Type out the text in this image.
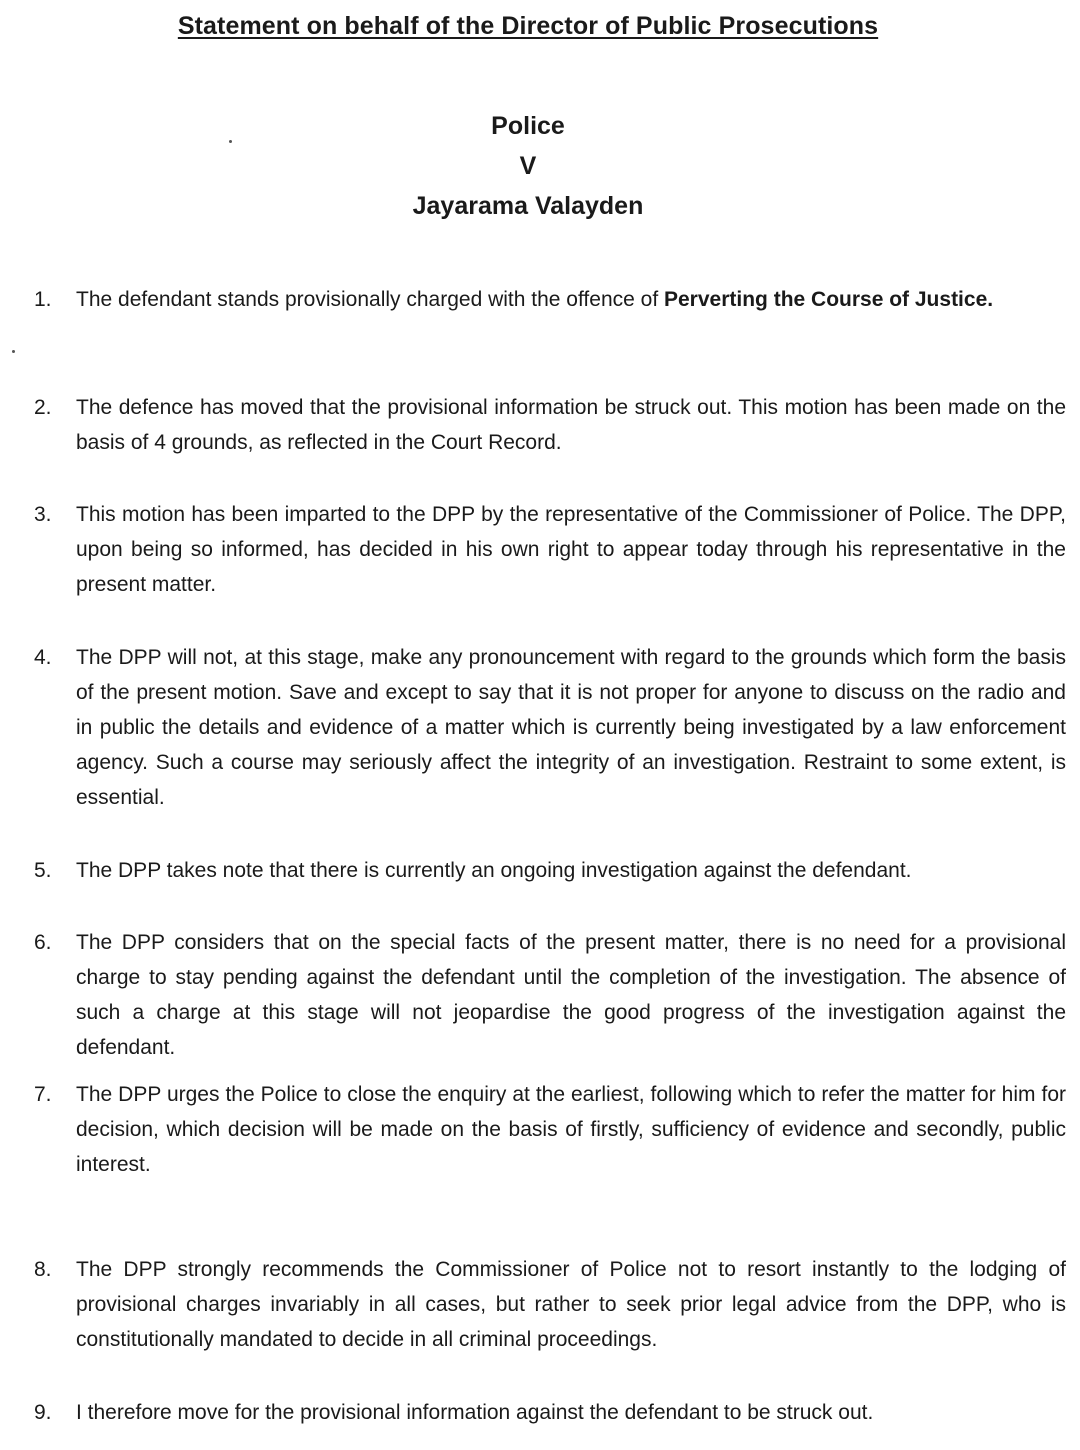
Statement on behalf of the Director of Public Prosecutions

Police

V

Jayarama Valayden

1. The defendant stands provisionally charged with the offence of Perverting the Course of Justice.

2. The defence has moved that the provisional information be struck out. This motion has been made on the basis of 4 grounds, as reflected in the Court Record.

3. This motion has been imparted to the DPP by the representative of the Commissioner of Police. The DPP, upon being so informed, has decided in his own right to appear today through his representative in the present matter.

4. The DPP will not, at this stage, make any pronouncement with regard to the grounds which form the basis of the present motion. Save and except to say that it is not proper for anyone to discuss on the radio and in public the details and evidence of a matter which is currently being investigated by a law enforcement agency. Such a course may seriously affect the integrity of an investigation. Restraint to some extent, is essential.

5. The DPP takes note that there is currently an ongoing investigation against the defendant.

6. The DPP considers that on the special facts of the present matter, there is no need for a provisional charge to stay pending against the defendant until the completion of the investigation. The absence of such a charge at this stage will not jeopardise the good progress of the investigation against the defendant.

7. The DPP urges the Police to close the enquiry at the earliest, following which to refer the matter for him for decision, which decision will be made on the basis of firstly, sufficiency of evidence and secondly, public interest.

8. The DPP strongly recommends the Commissioner of Police not to resort instantly to the lodging of provisional charges invariably in all cases, but rather to seek prior legal advice from the DPP, who is constitutionally mandated to decide in all criminal proceedings.

9. I therefore move for the provisional information against the defendant to be struck out.
